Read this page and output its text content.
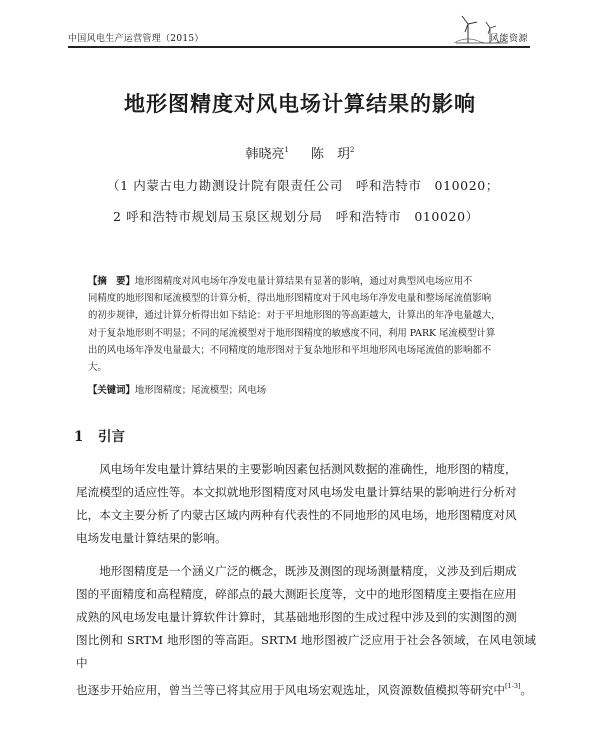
中国风电生产运营管理（2015）	风能资源
地形图精度对风电场计算结果的影响
韩晓亮$^1$ 陈　玥$^2$
（1 内蒙古电力勘测设计院有限责任公司　呼和浩特市　010020；
2 呼和浩特市规划局玉泉区规划分局　呼和浩特市　010020）
【摘　要】地形图精度对风电场年净发电量计算结果有显著的影响，通过对典型风电场应用不
同精度的地形图和尾流模型的计算分析，得出地形图精度对于风电场年净发电量和整场尾流值影响
的初步规律，通过计算分析得出如下结论：对于平坦地形图的等高距越大，计算出的年净电量越大，
对于复杂地形则不明显；不同的尾流模型对于地形图精度的敏感度不同，利用 PARK 尾流模型计算
出的风电场年净发电量最大；不同精度的地形图对于复杂地形和平坦地形风电场尾流值的影响都不
大。
【关键词】地形图精度；尾流模型；风电场
1 引言

风电场年发电量计算结果的主要影响因素包括测风数据的准确性，地形图的精度，
尾流模型的适应性等。本文拟就地形图精度对风电场发电量计算结果的影响进行分析对
比，本文主要分析了内蒙古区域内两种有代表性的不同地形的风电场，地形图精度对风
电场发电量计算结果的影响。

地形图精度是一个涵义广泛的概念，既涉及测图的现场测量精度，义涉及到后期成
图的平面精度和高程精度，碎部点的最大测距长度等，文中的地形图精度主要指在应用
成熟的风电场发电量计算软件计算时，其基础地形图的生成过程中涉及到的实测图的测
图比例和 SRTM 地形图的等高距。SRTM 地形图被广泛应用于社会各领域，在风电领域中
也逐步开始应用，曾当兰等已将其应用于风电场宏观选址，风资源数值模拟等研究中[1-3]。
